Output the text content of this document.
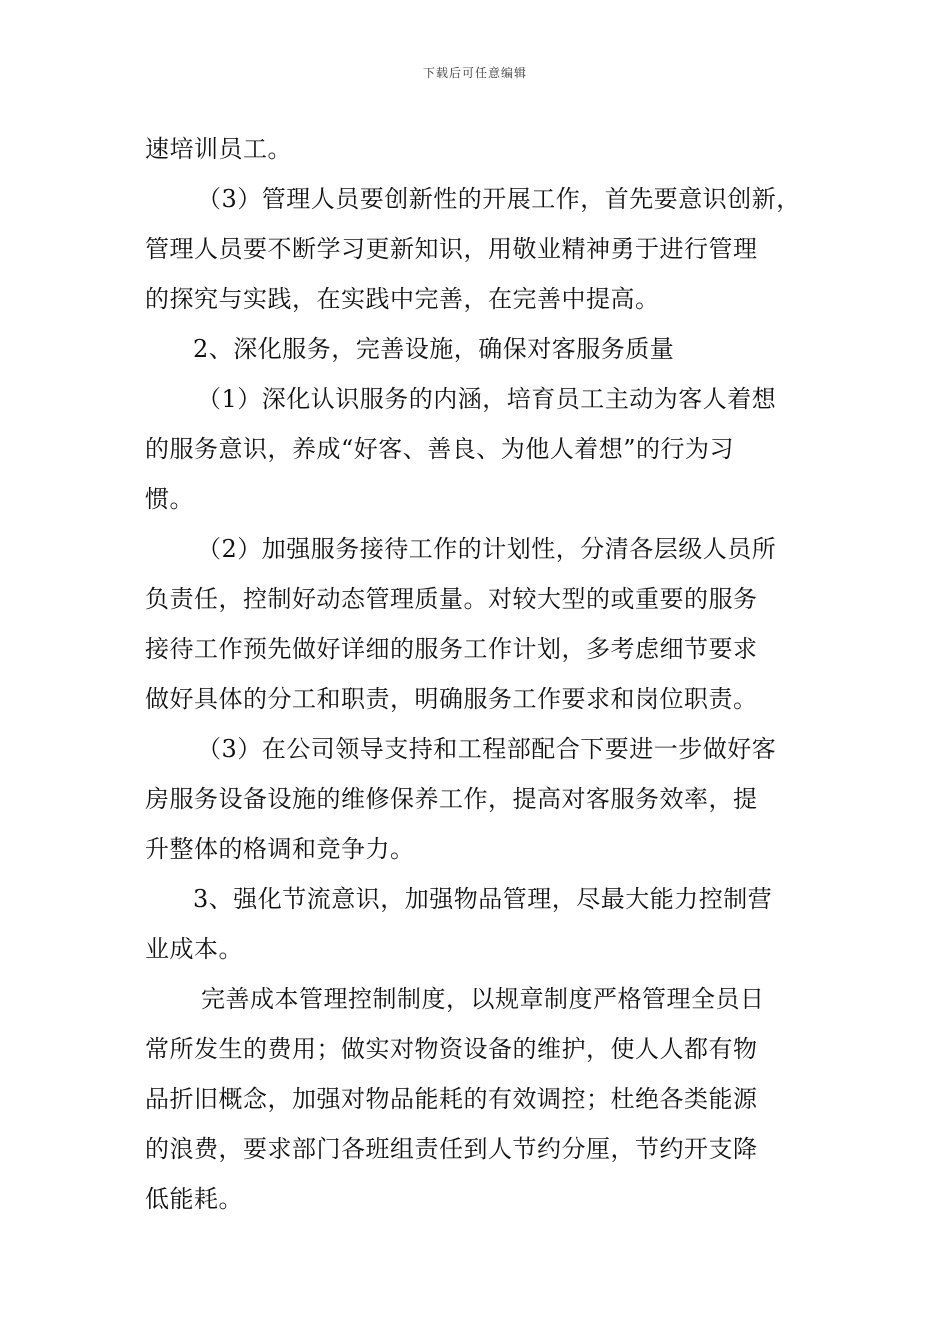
下载后可任意编辑
速培训员工。
（3）管理人员要创新性的开展工作，首先要意识创新，
管理人员要不断学习更新知识，用敬业精神勇于进行管理
的探究与实践，在实践中完善，在完善中提高。
2、深化服务，完善设施，确保对客服务质量
（1）深化认识服务的内涵，培育员工主动为客人着想
的服务意识，养成“好客、善良、为他人着想”的行为习
惯。
（2）加强服务接待工作的计划性，分清各层级人员所
负责任，控制好动态管理质量。对较大型的或重要的服务
接待工作预先做好详细的服务工作计划，多考虑细节要求
做好具体的分工和职责，明确服务工作要求和岗位职责。
（3）在公司领导支持和工程部配合下要进一步做好客
房服务设备设施的维修保养工作，提高对客服务效率，提
升整体的格调和竞争力。
3、强化节流意识，加强物品管理，尽最大能力控制营
业成本。
完善成本管理控制制度，以规章制度严格管理全员日
常所发生的费用；做实对物资设备的维护，使人人都有物
品折旧概念，加强对物品能耗的有效调控；杜绝各类能源
的浪费，要求部门各班组责任到人节约分厘，节约开支降
低能耗。
